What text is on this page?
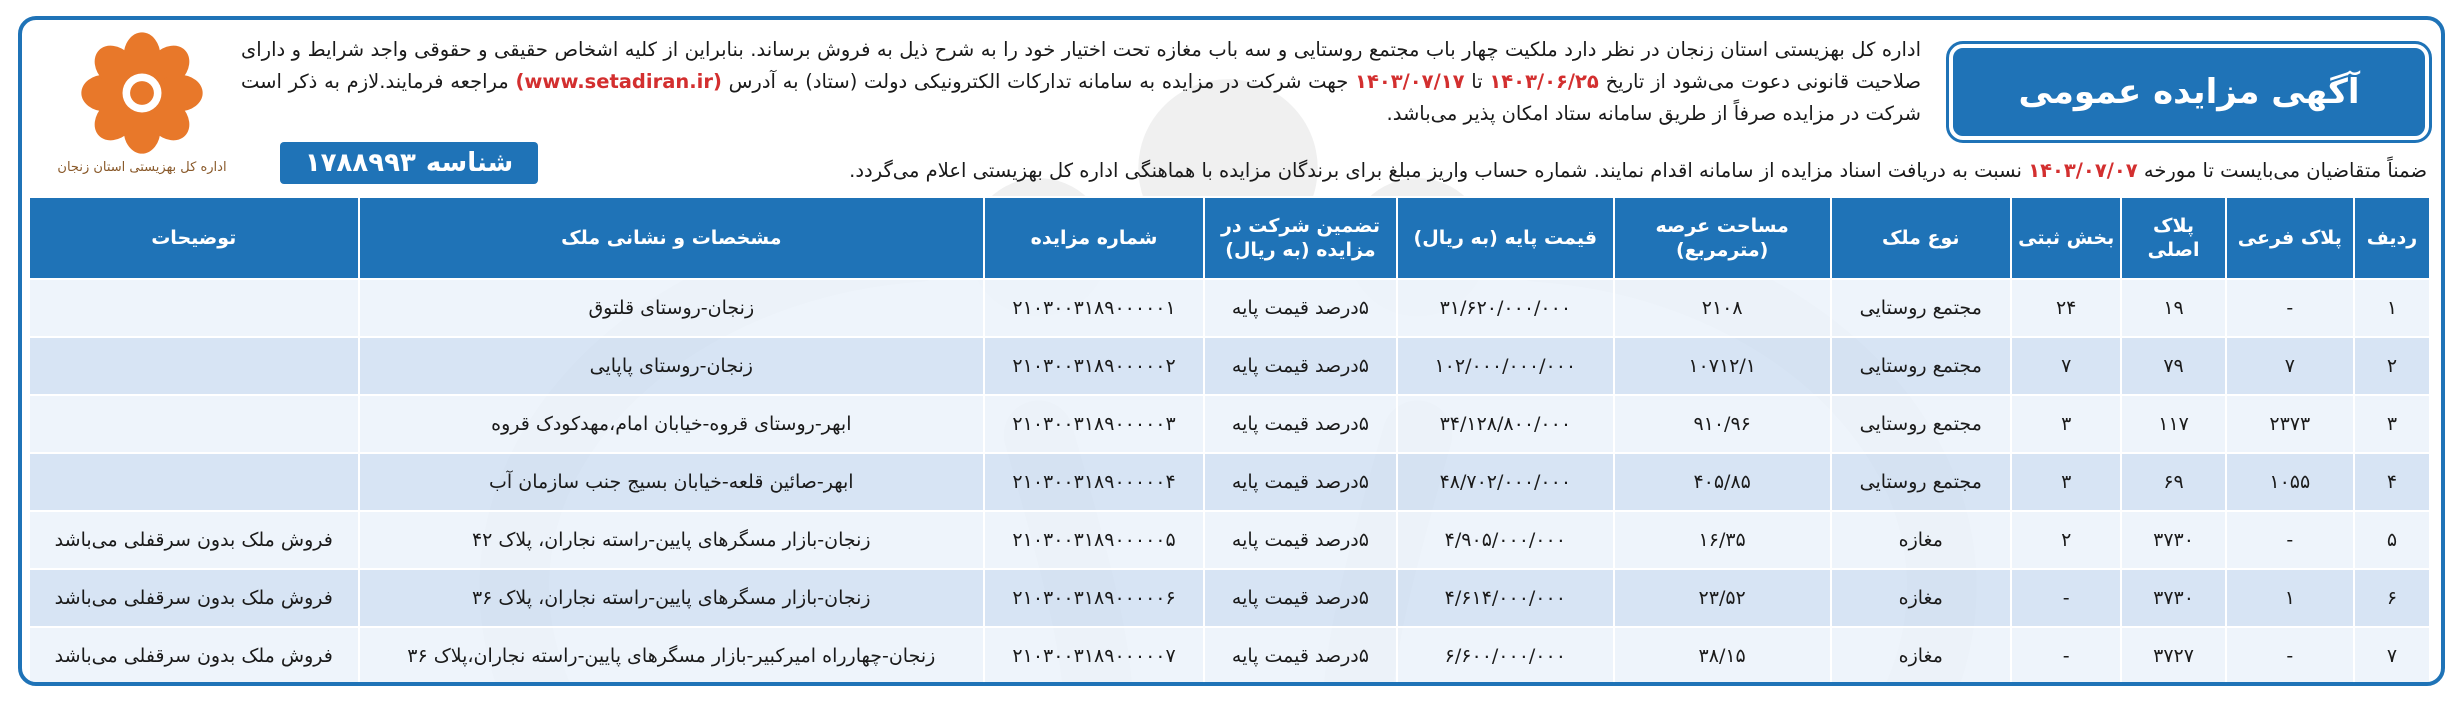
آگهی مزایده عمومی
اداره کل بهزیستی استان زنجان در نظر دارد ملکیت چهار باب مجتمع روستایی و سه باب مغازه تحت اختیار خود را به شرح ذیل به فروش برساند. بنابراین از کلیه اشخاص حقیقی و حقوقی واجد شرایط و دارای صلاحیت قانونی دعوت می‌شود از تاریخ ۱۴۰۳/۰۶/۲۵ تا ۱۴۰۳/۰۷/۱۷ جهت شرکت در مزایده به سامانه تدارکات الکترونیکی دولت (ستاد) به آدرس (www.setadiran.ir) مراجعه فرمایند.لازم به ذکر است شرکت در مزایده صرفاً از طریق سامانه ستاد امکان پذیر می‌باشد.
ضمناً متقاضیان می‌بایست تا مورخه ۱۴۰۳/۰۷/۰۷ نسبت به دریافت اسناد مزایده از سامانه اقدام نمایند. شماره حساب واریز مبلغ برای برندگان مزایده با هماهنگی اداره کل بهزیستی اعلام می‌گردد.
اداره کل بهزیستی استان زنجان	شناسه
۱۷۸۸۹۹۳
ردیف	پلاک فرعی	پلاک اصلی	بخش ثبتی	نوع ملک	مساحت عرصه (مترمربع)	قیمت پایه (به ریال)	تضمین شرکت در مزایده (به ریال)	شماره مزایده	مشخصات و نشانی ملک	توضیحات
۱	-	۱۹	۲۴	مجتمع روستایی	۲۱۰۸	۳۱/۶۲۰/۰۰۰/۰۰۰	۵درصد قیمت پایه	۲۱۰۳۰۰۳۱۸۹۰۰۰۰۰۱	زنجان-روستای قلتوق	
۲	۷	۷۹	۷	مجتمع روستایی	۱۰۷۱۲/۱	۱۰۲/۰۰۰/۰۰۰/۰۰۰	۵درصد قیمت پایه	۲۱۰۳۰۰۳۱۸۹۰۰۰۰۰۲	زنجان-روستای پاپایی	
۳	۲۳۷۳	۱۱۷	۳	مجتمع روستایی	۹۱۰/۹۶	۳۴/۱۲۸/۸۰۰/۰۰۰	۵درصد قیمت پایه	۲۱۰۳۰۰۳۱۸۹۰۰۰۰۰۳	ابهر-روستای قروه-خیابان امام،مهدکودک قروه	
۴	۱۰۵۵	۶۹	۳	مجتمع روستایی	۴۰۵/۸۵	۴۸/۷۰۲/۰۰۰/۰۰۰	۵درصد قیمت پایه	۲۱۰۳۰۰۳۱۸۹۰۰۰۰۰۴	ابهر-صائین قلعه-خیابان بسیج جنب سازمان آب	
۵	-	۳۷۳۰	۲	مغازه	۱۶/۳۵	۴/۹۰۵/۰۰۰/۰۰۰	۵درصد قیمت پایه	۲۱۰۳۰۰۳۱۸۹۰۰۰۰۰۵	زنجان-بازار مسگرهای پایین-راسته نجاران، پلاک ۴۲	فروش ملک بدون سرقفلی می‌باشد
۶	۱	۳۷۳۰	-	مغازه	۲۳/۵۲	۴/۶۱۴/۰۰۰/۰۰۰	۵درصد قیمت پایه	۲۱۰۳۰۰۳۱۸۹۰۰۰۰۰۶	زنجان-بازار مسگرهای پایین-راسته نجاران، پلاک ۳۶	فروش ملک بدون سرقفلی می‌باشد
۷	-	۳۷۲۷	-	مغازه	۳۸/۱۵	۶/۶۰۰/۰۰۰/۰۰۰	۵درصد قیمت پایه	۲۱۰۳۰۰۳۱۸۹۰۰۰۰۰۷	زنجان-چهارراه امیرکبیر-بازار مسگرهای پایین-راسته نجاران،پلاک ۳۶	فروش ملک بدون سرقفلی می‌باشد
